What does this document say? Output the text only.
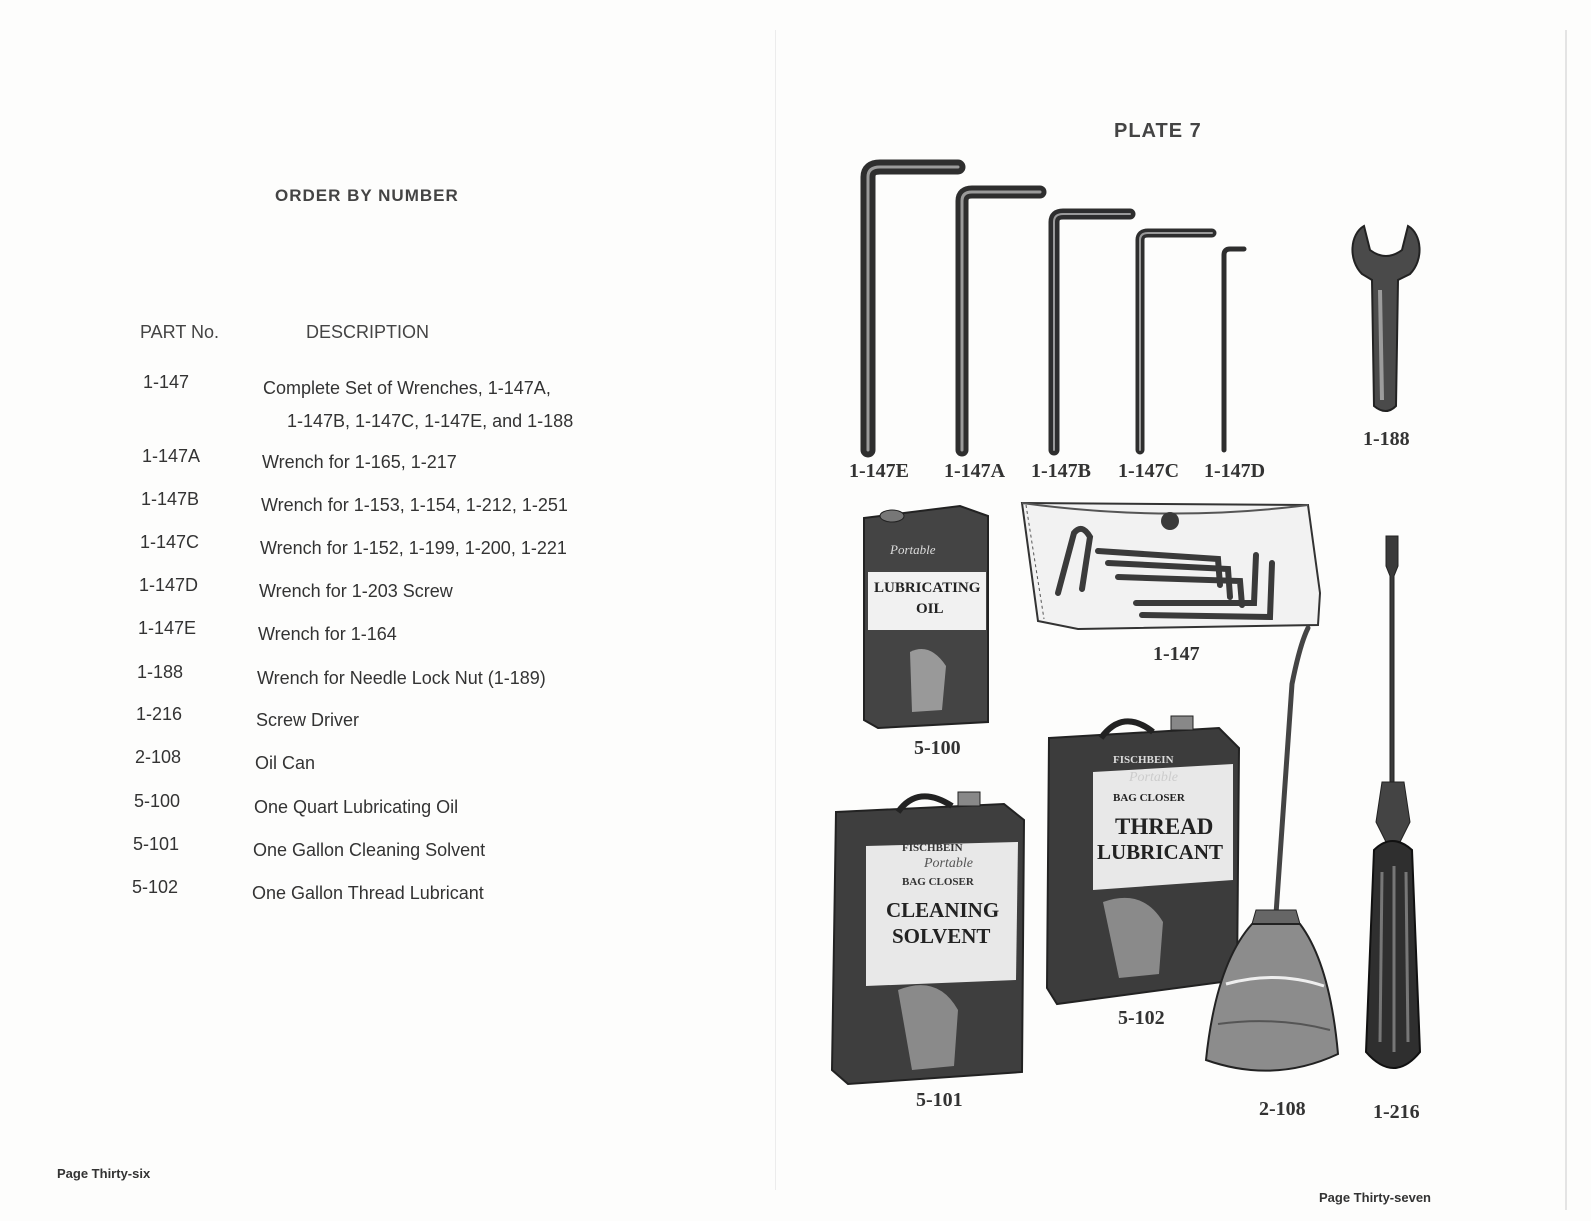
ORDER BY NUMBER
PART No.	DESCRIPTION
1-147	Complete Set of Wrenches, 1-147A,
1-147B, 1-147C, 1-147E, and 1-188
1-147A	Wrench for 1-165, 1-217
1-147B	Wrench for 1-153, 1-154, 1-212, 1-251
1-147C	Wrench for 1-152, 1-199, 1-200, 1-221
1-147D	Wrench for 1-203 Screw
1-147E	Wrench for 1-164
1-188	Wrench for Needle Lock Nut (1-189)
1-216	Screw Driver
2-108	Oil Can
5-100	One Quart Lubricating Oil
5-101	One Gallon Cleaning Solvent
5-102	One Gallon Thread Lubricant
Page Thirty-six
PLATE 7
1-147E 1-147A 1-147B 1-147C 1-147D
1-188
1-147
Portable
LUBRICATING
OIL
5-100
FISCHBEIN
Portable
BAG CLOSER
THREAD
LUBRICANT
5-102
FISCHBEIN
Portable
BAG CLOSER
CLEANING
SOLVENT
5-101	2-108	1-216
Page Thirty-seven
